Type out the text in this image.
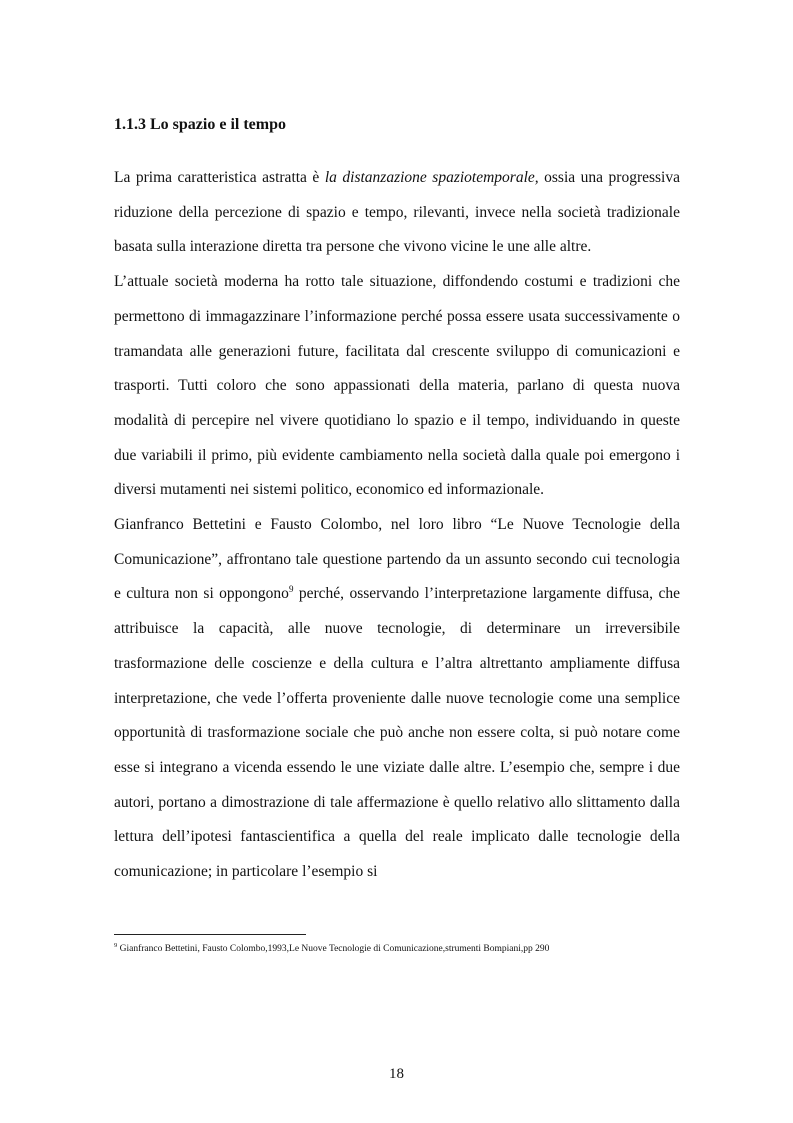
1.1.3 Lo spazio e il tempo

La prima caratteristica astratta è la distanzazione spaziotemporale, ossia una progressiva riduzione della percezione di spazio e tempo, rilevanti, invece nella società tradizionale basata sulla interazione diretta tra persone che vivono vicine le une alle altre.

L’attuale società moderna ha rotto tale situazione, diffondendo costumi e tradizioni che permettono di immagazzinare l’informazione perché possa essere usata successivamente o tramandata alle generazioni future, facilitata dal crescente sviluppo di comunicazioni e trasporti. Tutti coloro che sono appassionati della materia, parlano di questa nuova modalità di percepire nel vivere quotidiano lo spazio e il tempo, individuando in queste due variabili il primo, più evidente cambiamento nella società dalla quale poi emergono i diversi mutamenti nei sistemi politico, economico ed informazionale.

Gianfranco Bettetini e Fausto Colombo, nel loro libro “Le Nuove Tecnologie della Comunicazione”, affrontano tale questione partendo da un assunto secondo cui tecnologia e cultura non si oppongono$^9$ perché, osservando l’interpretazione largamente diffusa, che attribuisce la capacità, alle nuove tecnologie, di determinare un irreversibile trasformazione delle coscienze e della cultura e l’altra altrettanto ampliamente diffusa interpretazione, che vede l’offerta proveniente dalle nuove tecnologie come una semplice opportunità di trasformazione sociale che può anche non essere colta, si può notare come esse si integrano a vicenda essendo le une viziate dalle altre. L’esempio che, sempre i due autori, portano a dimostrazione di tale affermazione è quello relativo allo slittamento dalla lettura dell’ipotesi fantascientifica a quella del reale implicato dalle tecnologie della comunicazione; in particolare l’esempio si

$^9$ Gianfranco Bettetini, Fausto Colombo,1993,Le Nuove Tecnologie di Comunicazione,strumenti Bompiani,pp 290
18
